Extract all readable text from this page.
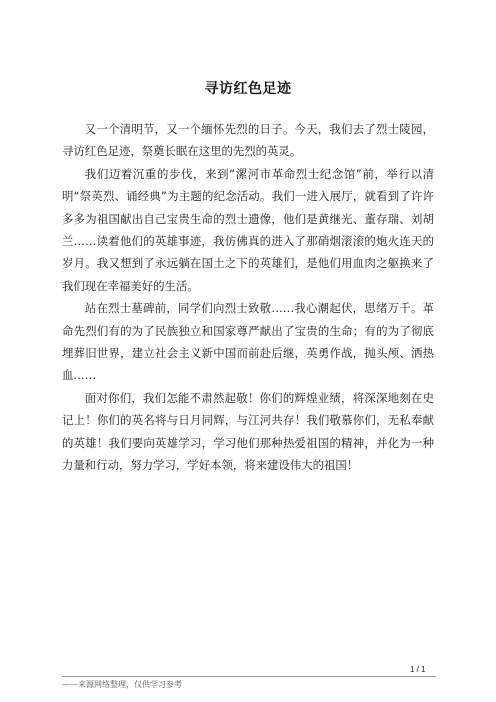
寻访红色足迹

又一个清明节，又一个缅怀先烈的日子。今天，我们去了烈士陵园，寻访红色足迹，祭奠长眠在这里的先烈的英灵。

我们迈着沉重的步伐，来到“漯河市革命烈士纪念馆”前，举行以清明“祭英烈、诵经典”为主题的纪念活动。我们一进入展厅，就看到了许许多多为祖国献出自己宝贵生命的烈士遗像，他们是黄继光、董存瑞、刘胡兰……读着他们的英雄事迹，我仿佛真的进入了那硝烟滚滚的炮火连天的岁月。我又想到了永远躺在国土之下的英雄们，是他们用血肉之躯换来了我们现在幸福美好的生活。

站在烈士墓碑前，同学们向烈士致敬……我心潮起伏，思绪万千。革命先烈们有的为了民族独立和国家尊严献出了宝贵的生命；有的为了彻底埋葬旧世界，建立社会主义新中国而前赴后继，英勇作战，抛头颅、洒热血……

面对你们，我们怎能不肃然起敬！你们的辉煌业绩，将深深地刻在史记上！你们的英名将与日月同辉，与江河共存！我们敬慕你们，无私奉献的英雄！我们要向英雄学习，学习他们那种热爱祖国的精神，并化为一种力量和行动，努力学习，学好本领，将来建设伟大的祖国！

1 / 1
——来源网络整理，仅供学习参考
